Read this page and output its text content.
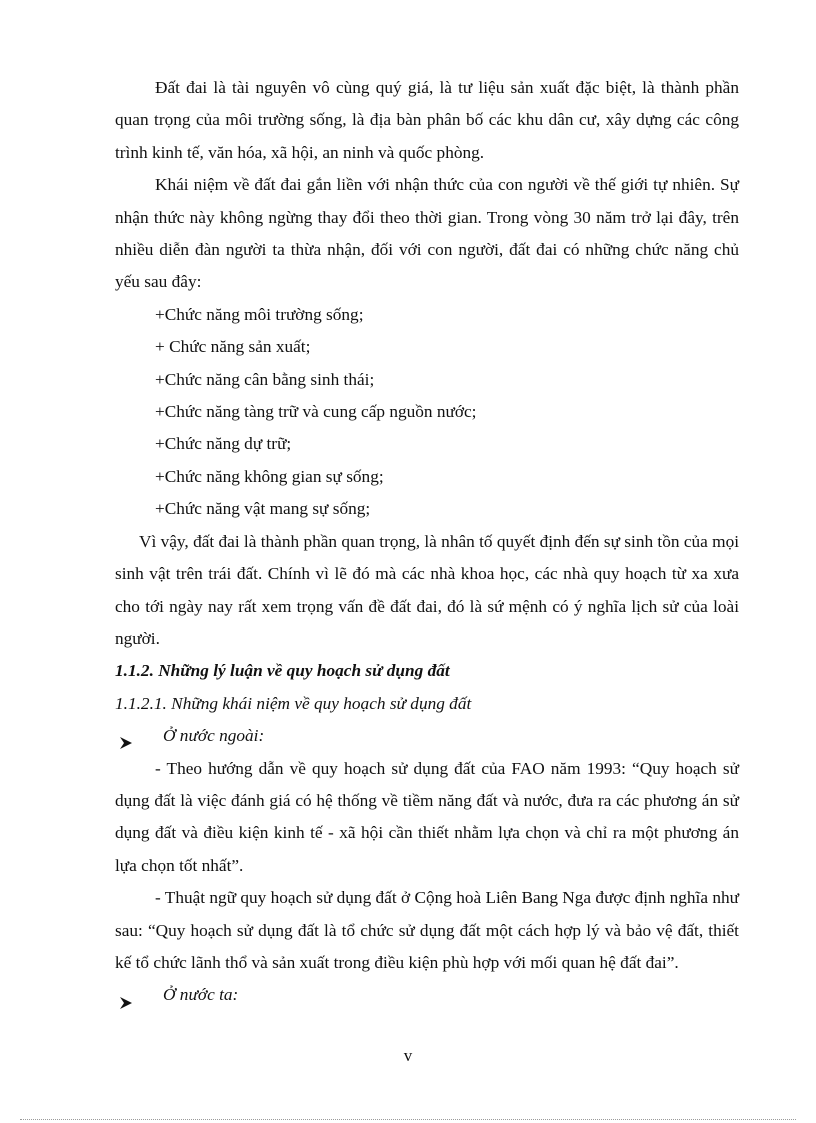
Đất đai là tài nguyên vô cùng quý giá, là tư liệu sản xuất đặc biệt, là thành phần quan trọng của môi trường sống, là địa bàn phân bố các khu dân cư, xây dựng các công trình kinh tế, văn hóa, xã hội, an ninh và quốc phòng.

Khái niệm về đất đai gắn liền với nhận thức của con người về thế giới tự nhiên. Sự nhận thức này không ngừng thay đổi theo thời gian. Trong vòng 30 năm trở lại đây, trên nhiều diễn đàn người ta thừa nhận, đối với con người, đất đai có những chức năng chủ yếu sau đây:

+Chức năng môi trường sống;

+ Chức năng sản xuất;

+Chức năng cân bằng sinh thái;

+Chức năng tàng trữ và cung cấp nguồn nước;

+Chức năng dự trữ;

+Chức năng không gian sự sống;

+Chức năng vật mang sự sống;

Vì vậy, đất đai là thành phần quan trọng, là nhân tố quyết định đến sự sinh tồn của mọi sinh vật trên trái đất. Chính vì lẽ đó mà các nhà khoa học, các nhà quy hoạch từ xa xưa cho tới ngày nay rất xem trọng vấn đề đất đai, đó là sứ mệnh có ý nghĩa lịch sử của loài người.

1.1.2. Những lý luận về quy hoạch sử dụng đất

1.1.2.1. Những khái niệm về quy hoạch sử dụng đất

Ở nước ngoài:

- Theo hướng dẫn về quy hoạch sử dụng đất của FAO năm 1993: “Quy hoạch sử dụng đất là việc đánh giá có hệ thống về tiềm năng đất và nước, đưa ra các phương án sử dụng đất và điều kiện kinh tế - xã hội cần thiết nhằm lựa chọn và chỉ ra một phương án lựa chọn tốt nhất”.

- Thuật ngữ quy hoạch sử dụng đất ở Cộng hoà Liên Bang Nga được định nghĩa như sau: “Quy hoạch sử dụng đất là tổ chức sử dụng đất một cách hợp lý và bảo vệ đất, thiết kế tổ chức lãnh thổ và sản xuất trong điều kiện phù hợp với mối quan hệ đất đai”.

Ở nước ta:

v
